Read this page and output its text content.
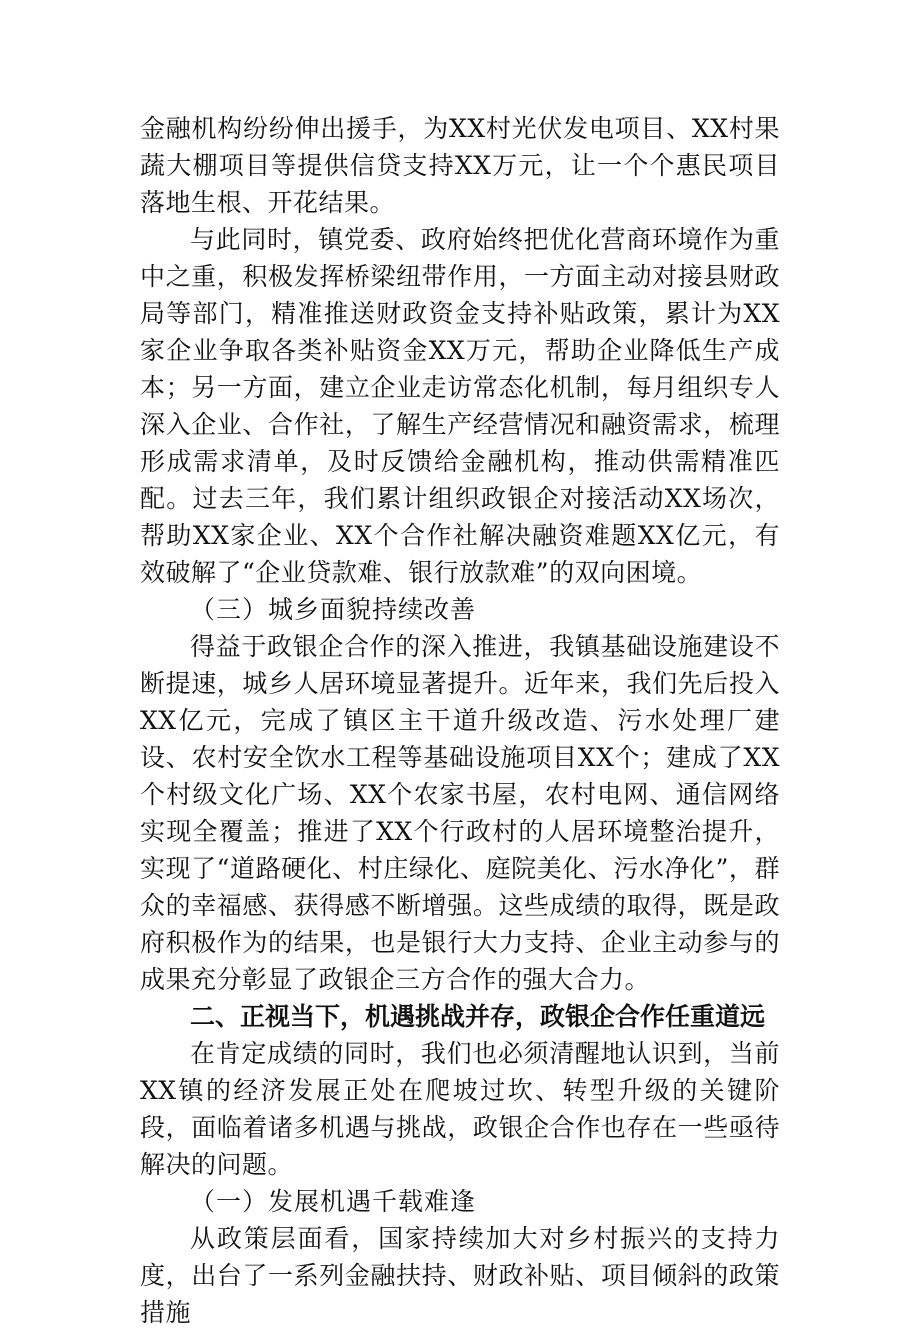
金融机构纷纷伸出援手，为XX村光伏发电项目、XX村果蔬大棚项目等提供信贷支持XX万元，让一个个惠民项目落地生根、开花结果。

与此同时，镇党委、政府始终把优化营商环境作为重中之重，积极发挥桥梁纽带作用，一方面主动对接县财政局等部门，精准推送财政资金支持补贴政策，累计为XX家企业争取各类补贴资金XX万元，帮助企业降低生产成本；另一方面，建立企业走访常态化机制，每月组织专人深入企业、合作社，了解生产经营情况和融资需求，梳理形成需求清单，及时反馈给金融机构，推动供需精准匹配。过去三年，我们累计组织政银企对接活动XX场次，帮助XX家企业、XX个合作社解决融资难题XX亿元，有效破解了“企业贷款难、银行放款难”的双向困境。

（三）城乡面貌持续改善

得益于政银企合作的深入推进，我镇基础设施建设不断提速，城乡人居环境显著提升。近年来，我们先后投入XX亿元，完成了镇区主干道升级改造、污水处理厂建设、农村安全饮水工程等基础设施项目XX个；建成了XX个村级文化广场、XX个农家书屋，农村电网、通信网络实现全覆盖；推进了XX个行政村的人居环境整治提升，实现了“道路硬化、村庄绿化、庭院美化、污水净化”，群众的幸福感、获得感不断增强。这些成绩的取得，既是政府积极作为的结果，也是银行大力支持、企业主动参与的成果充分彰显了政银企三方合作的强大合力。

二、正视当下，机遇挑战并存，政银企合作任重道远

在肯定成绩的同时，我们也必须清醒地认识到，当前XX镇的经济发展正处在爬坡过坎、转型升级的关键阶段，面临着诸多机遇与挑战，政银企合作也存在一些亟待解决的问题。

（一）发展机遇千载难逢

从政策层面看，国家持续加大对乡村振兴的支持力度，出台了一系列金融扶持、财政补贴、项目倾斜的政策措施
